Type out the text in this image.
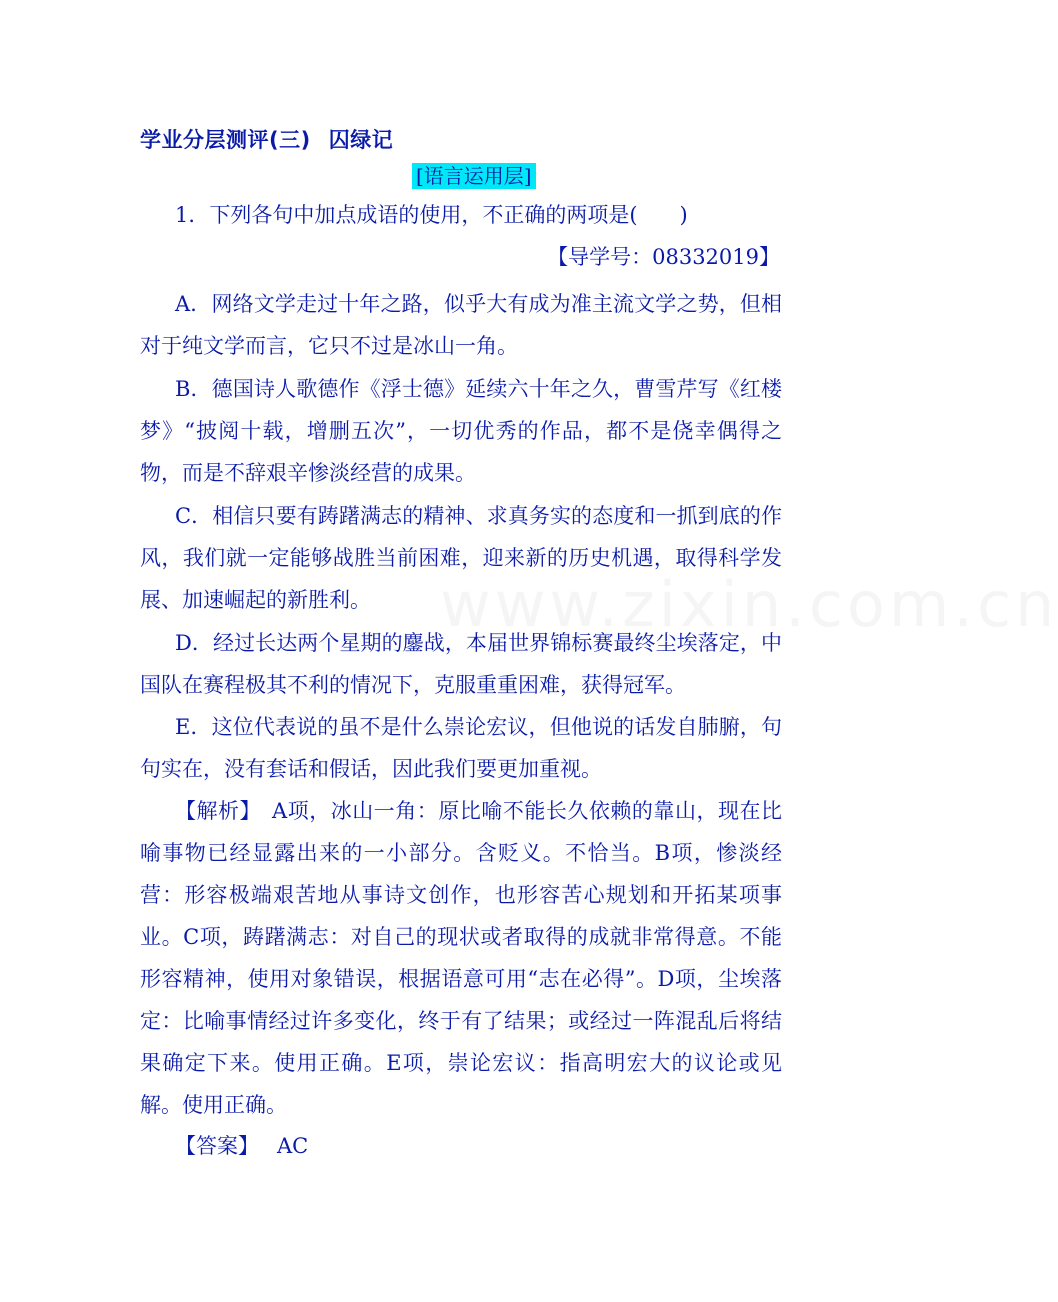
www.zixin.com.cn
学业分层测评(三) 囚绿记
[语言运用层]
1．下列各句中加点成语的使用，不正确的两项是(　　)
【导学号：08332019】

A．网络文学走过十年之路，似乎大有成为准主流文学之势，但相对于纯文学而言，它只不过是冰山一角。

B．德国诗人歌德作《浮士德》延续六十年之久，曹雪芹写《红楼梦》“披阅十载，增删五次”，一切优秀的作品，都不是侥幸偶得之物，而是不辞艰辛惨淡经营的成果。

C．相信只要有踌躇满志的精神、求真务实的态度和一抓到底的作风，我们就一定能够战胜当前困难，迎来新的历史机遇，取得科学发展、加速崛起的新胜利。

D．经过长达两个星期的鏖战，本届世界锦标赛最终尘埃落定，中国队在赛程极其不利的情况下，克服重重困难，获得冠军。

E．这位代表说的虽不是什么崇论宏议，但他说的话发自肺腑，句句实在，没有套话和假话，因此我们要更加重视。

【解析】　A项，冰山一角：原比喻不能长久依赖的靠山，现在比喻事物已经显露出来的一小部分。含贬义。不恰当。B项，惨淡经营：形容极端艰苦地从事诗文创作，也形容苦心规划和开拓某项事业。C项，踌躇满志：对自己的现状或者取得的成就非常得意。不能形容精神，使用对象错误，根据语意可用“志在必得”。D项，尘埃落定：比喻事情经过许多变化，终于有了结果；或经过一阵混乱后将结果确定下来。使用正确。E项，崇论宏议：指高明宏大的议论或见解。使用正确。

【答案】 AC
